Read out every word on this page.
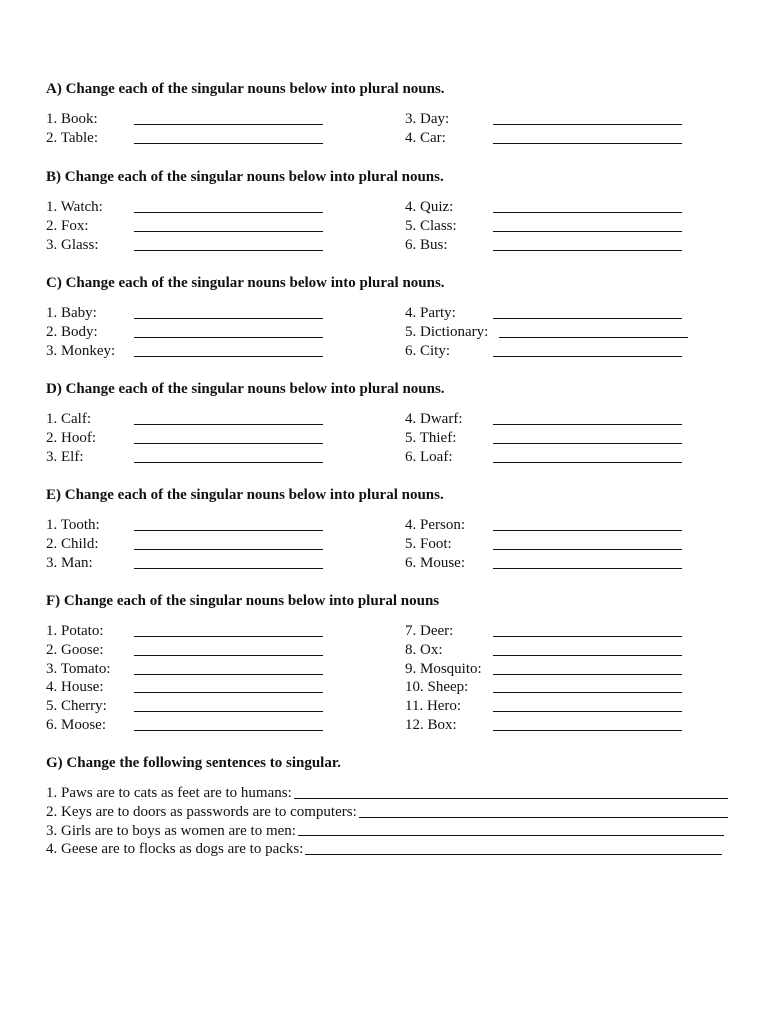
A) Change each of the singular nouns below into plural nouns.

1. Book:
2. Table:
3. Day:
4. Car:

B) Change each of the singular nouns below into plural nouns.

1. Watch:
2. Fox:
3. Glass:
4. Quiz:
5. Class:
6. Bus:

C) Change each of the singular nouns below into plural nouns.

1. Baby:
2. Body:
3. Monkey:
4. Party:
5. Dictionary:
6. City:

D) Change each of the singular nouns below into plural nouns.

1. Calf:
2. Hoof:
3. Elf:
4. Dwarf:
5. Thief:
6. Loaf:

E) Change each of the singular nouns below into plural nouns.

1. Tooth:
2. Child:
3. Man:
4. Person:
5. Foot:
6. Mouse:

F) Change each of the singular nouns below into plural nouns

1. Potato:
2. Goose:
3. Tomato:
4. House:
5. Cherry:
6. Moose:
7. Deer:
8. Ox:
9. Mosquito:
10. Sheep:
11. Hero:
12. Box:

G) Change the following sentences to singular.

1. Paws are to cats as feet are to humans:
2. Keys are to doors as passwords are to computers:
3. Girls are to boys as women are to men:
4. Geese are to flocks as dogs are to packs:
